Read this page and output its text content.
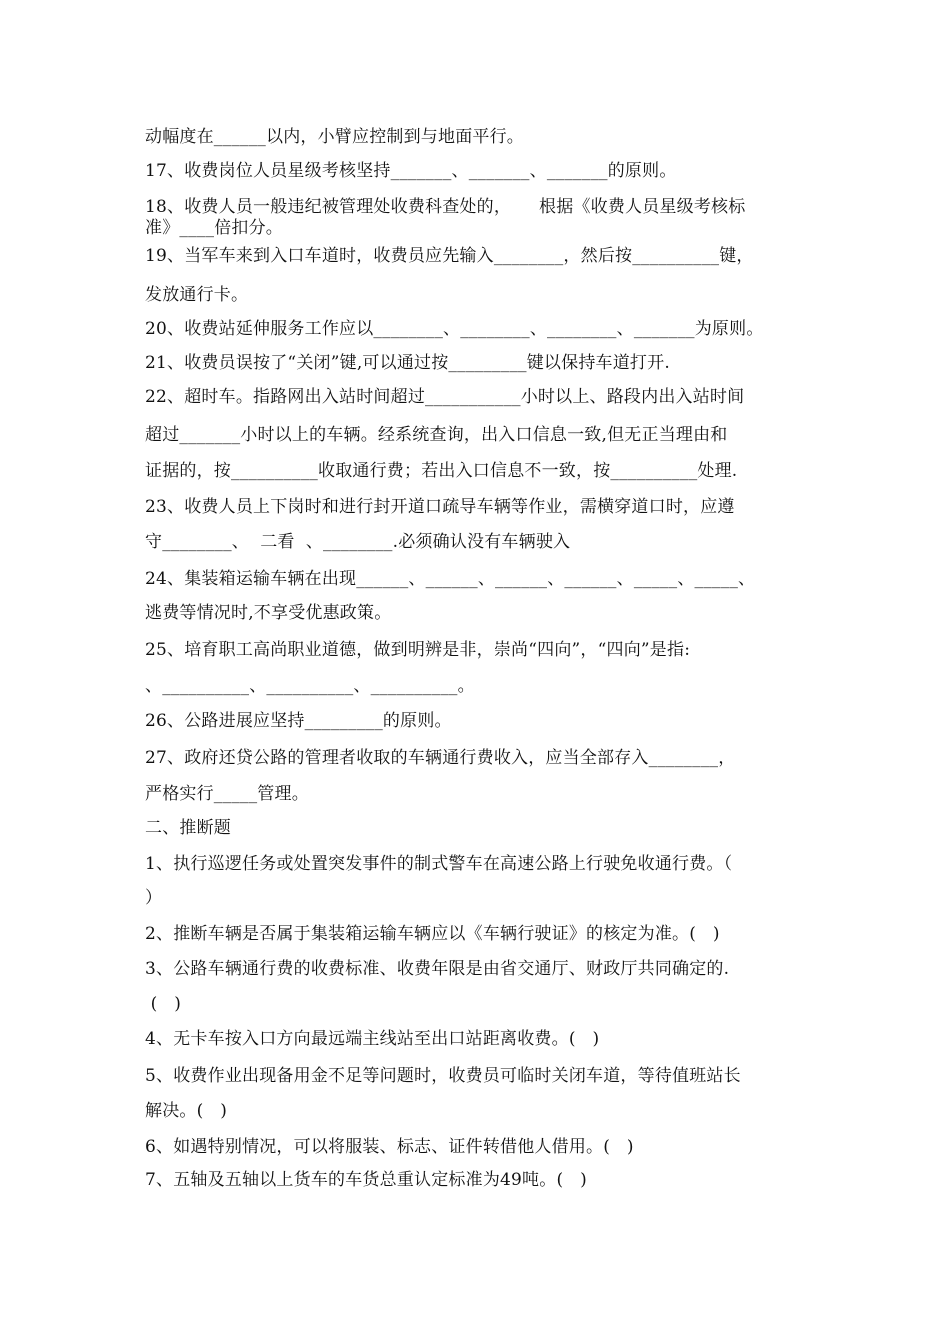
动幅度在______以内，小臂应控制到与地面平行。
17、收费岗位人员星级考核坚持_______、_______、_______的原则。
18、收费人员一般违纪被管理处收费科查处的，     根据《收费人员星级考核标
准》____倍扣分。
19、当军车来到入口车道时，收费员应先输入________，然后按__________键，
发放通行卡。
20、收费站延伸服务工作应以________、________、________、_______为原则。
21、收费员误按了“关闭”键,可以通过按_________键以保持车道打开.
22、超时车。指路网出入站时间超过___________小时以上、路段内出入站时间
超过_______小时以上的车辆。经系统查询，出入口信息一致,但无正当理由和
证据的，按__________收取通行费；若出入口信息不一致，按__________处理.
23、收费人员上下岗时和进行封开道口疏导车辆等作业，需横穿道口时，应遵
守________、  二看  、________.必须确认没有车辆驶入
24、集装箱运输车辆在出现______、______、______、______、_____、_____、
逃费等情况时,不享受优惠政策。
25、培育职工高尚职业道德，做到明辨是非，崇尚“四向”，“四向”是指:
、__________、__________、__________。
26、公路进展应坚持_________的原则。
27、政府还贷公路的管理者收取的车辆通行费收入，应当全部存入________，
严格实行_____管理。
二、推断题
1、执行巡逻任务或处置突发事件的制式警车在高速公路上行驶免收通行费。（
）
2、推断车辆是否属于集装箱运输车辆应以《车辆行驶证》的核定为准。(   )
3、公路车辆通行费的收费标准、收费年限是由省交通厅、财政厅共同确定的.
(   )
4、无卡车按入口方向最远端主线站至出口站距离收费。(   )
5、收费作业出现备用金不足等问题时，收费员可临时关闭车道，等待值班站长
解决。(   )
6、如遇特别情况，可以将服装、标志、证件转借他人借用。(   )
7、五轴及五轴以上货车的车货总重认定标准为49吨。(   )
